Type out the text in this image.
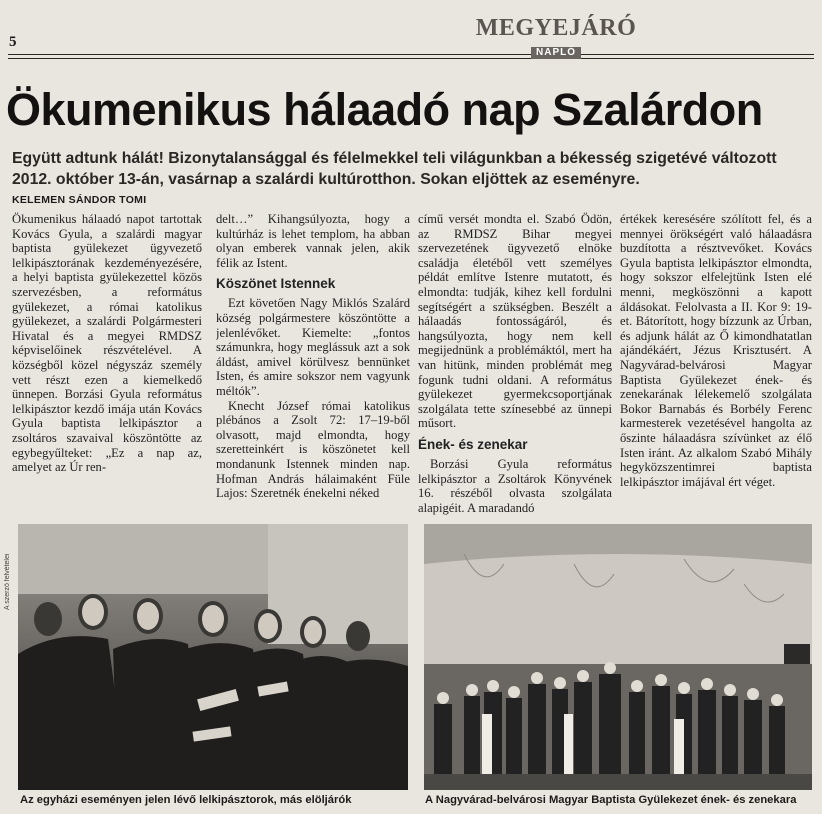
5
MEGYEJÁRÓ
NAPLÓ
Ökumenikus hálaadó nap Szalárdon
Együtt adtunk hálát! Bizonytalansággal és félelmekkel teli világunkban a békesség szigetévé változott 2012. október 13-án, vasárnap a szalárdi kultúrotthon. Sokan eljöttek az eseményre.
KELEMEN SÁNDOR TOMI

Ökumenikus hálaadó napot tartottak Kovács Gyula, a szalárdi magyar baptista gyülekezet ügyvezető lelkipásztorának kezdeményezésére, a helyi baptista gyülekezettel közös szervezésben, a református gyülekezet, a római katolikus gyülekezet, a szalárdi Polgármesteri Hivatal és a megyei RMDSZ képviselőinek részvételével. A községből közel négyszáz személy vett részt ezen a kiemelkedő ünnepen. Borzási Gyula református lelkipásztor kezdő imája után Kovács Gyula baptista lelkipásztor a zsoltáros szavaival köszöntötte az egybegyűlteket: „Ez a nap az, amelyet az Úr ren-

delt…” Kihangsúlyozta, hogy a kultúrház is lehet templom, ha abban olyan emberek vannak jelen, akik félik az Istent.

Köszönet Istennek

Ezt követően Nagy Miklós Szalárd község polgármestere köszöntötte a jelenlévőket. Kiemelte: „fontos számunkra, hogy meglássuk azt a sok áldást, amivel körülvesz bennünket Isten, és amire sokszor nem vagyunk méltók”.

Knecht József római katolikus plébános a Zsolt 72: 17–19-ből olvasott, majd elmondta, hogy szeretteinkért is köszönetet kell mondanunk Istennek minden nap. Hofman András hálaimaként Füle Lajos: Szeretnék énekelni néked

című versét mondta el. Szabó Ödön, az RMDSZ Bihar megyei szervezetének ügyvezető elnöke családja életéből vett személyes példát említve Istenre mutatott, és elmondta: tudják, kihez kell fordulni segítségért a szükségben. Beszélt a hálaadás fontosságáról, és hangsúlyozta, hogy nem kell megijednünk a problémáktól, mert ha van hitünk, minden problémát meg fogunk tudni oldani. A református gyülekezet gyermekcsoportjának szolgálata tette színesebbé az ünnepi műsort.

Ének- és zenekar

Borzási Gyula református lelkipásztor a Zsoltárok Könyvének 16. részéből olvasta szolgálata alapigéit. A maradandó

értékek keresésére szólított fel, és a mennyei örökségért való hálaadásra buzdította a résztvevőket. Kovács Gyula baptista lelkipásztor elmondta, hogy sokszor elfelejtünk Isten elé menni, megköszönni a kapott áldásokat. Felolvasta a II. Kor 9: 19-et. Bátorított, hogy bízzunk az Úrban, és adjunk hálát az Ő kimondhatatlan ajándékáért, Jézus Krisztusért. A Nagyvárad-belvárosi Magyar Baptista Gyülekezet ének- és zenekarának lélekemelő szolgálata Bokor Barnabás és Borbély Ferenc karmesterek vezetésével hangolta az őszinte hálaadásra szívünket az élő Isten iránt. Az alkalom Szabó Mihály hegyközszentimrei baptista lelkipásztor imájával ért véget.

A szerző felvételei
Az egyházi eseményen jelen lévő lelkipásztorok, más elöljárók	A Nagyvárad-belvárosi Magyar Baptista Gyülekezet ének- és zenekara
